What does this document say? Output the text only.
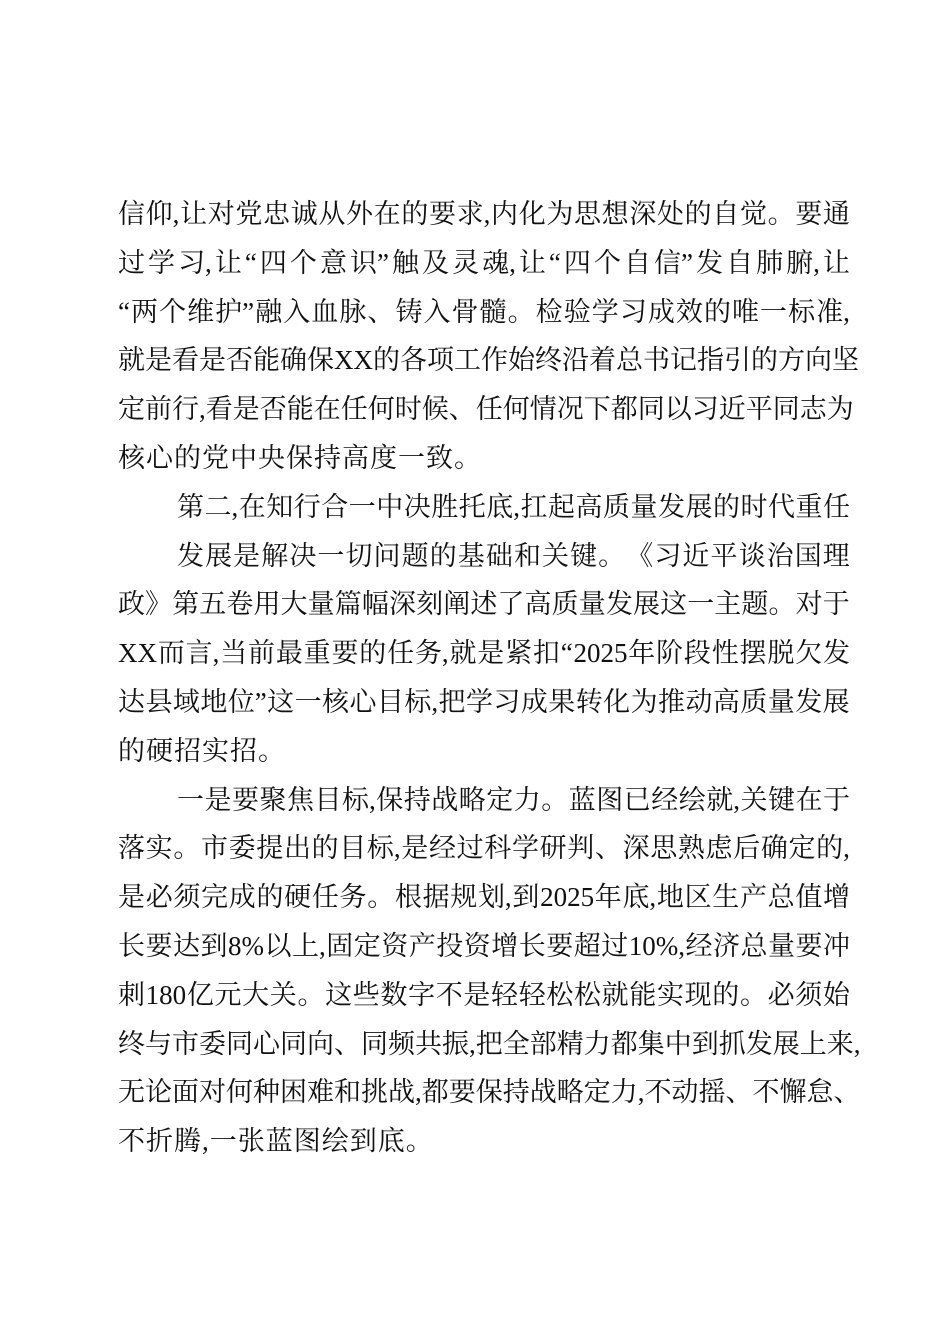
信 仰, 让 对 党 忠 诚 从 外 在 的 要 求, 内 化 为 思 想 深 处 的 自 觉 。 要 通
过 学 习, 让 “ 四 个 意 识” 触 及 灵 魂, 让 “ 四 个 自 信” 发 自 肺 腑, 让
“ 两 个 维 护” 融 入 血 脉 、 铸 入 骨 髓 。 检 验 学 习 成 效 的 唯 一 标 准,
就 是 看 是 否 能 确 保 XX 的 各 项 工 作 始 终 沿 着 总 书 记 指 引 的 方 向 坚
定 前 行, 看 是 否 能 在 任 何 时 候 、 任 何 情 况 下 都 同 以 习 近 平 同 志 为
核心的党中央保持高度一致。
第 二, 在 知 行 合 一 中 决 胜 托 底, 扛 起 高 质 量 发 展 的 时 代 重 任
发 展 是 解 决 一 切 问 题 的 基 础 和 关 键 。 《 习 近 平 谈 治 国 理
政》 第 五 卷 用 大 量 篇 幅 深 刻 阐 述 了 高 质 量 发 展 这 一 主 题 。 对 于
XX 而 言, 当 前 最 重 要 的 任 务, 就 是 紧 扣 “ 2025 年 阶 段 性 摆 脱 欠 发
达 县 域 地 位” 这 一 核 心 目 标, 把 学 习 成 果 转 化 为 推 动 高 质 量 发 展
的硬招实招。
一 是 要 聚 焦 目 标, 保 持 战 略 定 力 。 蓝 图 已 经 绘 就, 关 键 在 于
落 实 。 市 委 提 出 的 目 标, 是 经 过 科 学 研 判 、 深 思 熟 虑 后 确 定 的,
是 必 须 完 成 的 硬 任 务 。 根 据 规 划, 到 2025 年 底, 地 区 生 产 总 值 增
长 要 达 到 8% 以 上, 固 定 资 产 投 资 增 长 要 超 过 10%, 经 济 总 量 要 冲
刺 180 亿 元 大 关 。 这 些 数 字 不 是 轻 轻 松 松 就 能 实 现 的 。 必 须 始
终 与 市 委 同 心 同 向 、 同 频 共 振, 把 全 部 精 力 都 集 中 到 抓 发 展 上 来,
无 论 面 对 何 种 困 难 和 挑 战, 都 要 保 持 战 略 定 力, 不 动 摇 、 不 懈 怠 、
不折腾,一张蓝图绘到底。
